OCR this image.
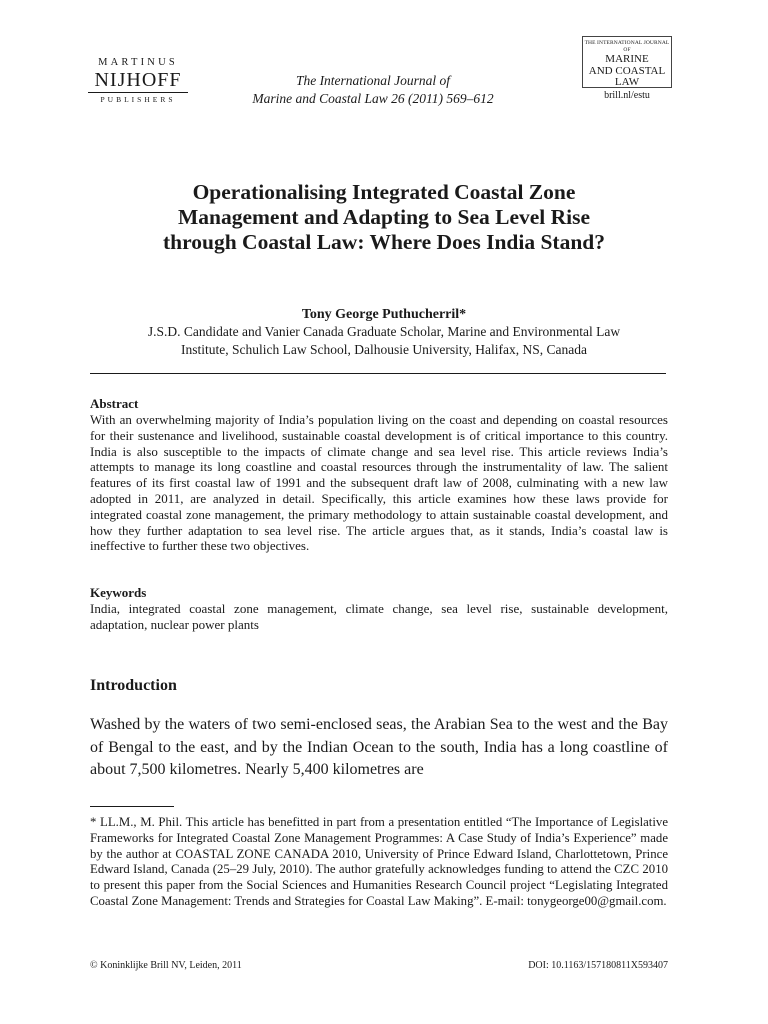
MARTINUS
NIJHOFF
PUBLISHERS
The International Journal of
Marine and Coastal Law 26 (2011) 569–612
THE INTERNATIONAL JOURNAL OF
MARINE
AND COASTAL
LAW
brill.nl/estu
Operationalising Integrated Coastal Zone
Management and Adapting to Sea Level Rise
through Coastal Law: Where Does India Stand?
Tony George Puthucherril*
J.S.D. Candidate and Vanier Canada Graduate Scholar, Marine and Environmental Law
Institute, Schulich Law School, Dalhousie University, Halifax, NS, Canada
Abstract
With an overwhelming majority of India’s population living on the coast and depending on coastal resources for their sustenance and livelihood, sustainable coastal development is of critical importance to this country. India is also susceptible to the impacts of climate change and sea level rise. This article reviews India’s attempts to manage its long coastline and coastal resources through the instrumentality of law. The salient features of its first coastal law of 1991 and the subsequent draft law of 2008, culminating with a new law adopted in 2011, are analyzed in detail. Specifically, this article examines how these laws provide for integrated coastal zone management, the primary methodology to attain sustainable coastal development, and how they further adaptation to sea level rise. The article argues that, as it stands, India’s coastal law is ineffective to further these two objectives.
Keywords
India, integrated coastal zone management, climate change, sea level rise, sustainable development, adaptation, nuclear power plants
Introduction
Washed by the waters of two semi-enclosed seas, the Arabian Sea to the west and the Bay of Bengal to the east, and by the Indian Ocean to the south, India has a long coastline of about 7,500 kilometres. Nearly 5,400 kilometres are
* LL.M., M. Phil. This article has benefitted in part from a presentation entitled “The Importance of Legislative Frameworks for Integrated Coastal Zone Management Programmes: A Case Study of India’s Experience” made by the author at COASTAL ZONE CANADA 2010, University of Prince Edward Island, Charlottetown, Prince Edward Island, Canada (25–29 July, 2010). The author gratefully acknowledges funding to attend the CZC 2010 to present this paper from the Social Sciences and Humanities Research Council project “Legislating Integrated Coastal Zone Management: Trends and Strategies for Coastal Law Making”. E-mail: tonygeorge00@gmail.com.
© Koninklijke Brill NV, Leiden, 2011	DOI: 10.1163/157180811X593407
